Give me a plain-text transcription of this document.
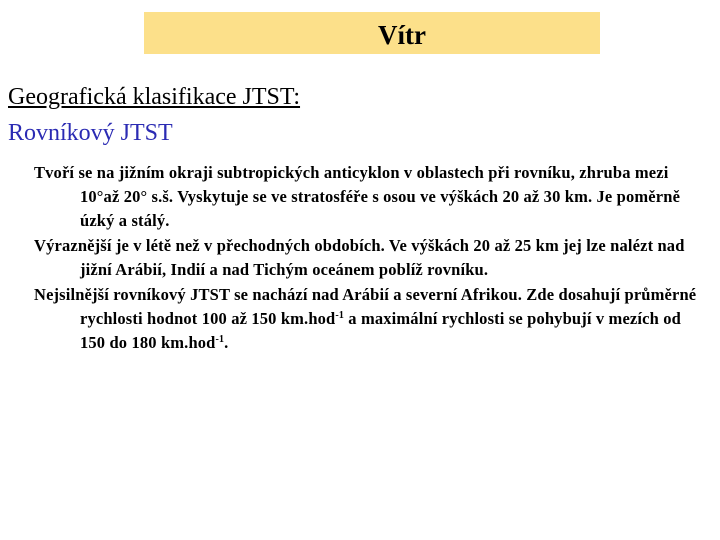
Vítr
Geografická klasifikace JTST:
Rovníkový JTST

Tvoří se na jižním okraji subtropických anticyklon v oblastech při rovníku, zhruba mezi 10°až 20° s.š. Vyskytuje se ve stratosféře s osou ve výškách 20 až 30 km. Je poměrně úzký a stálý.

Výraznější je v létě než v přechodných obdobích. Ve výškách 20 až 25 km jej lze nalézt nad jižní Arábií, Indií a nad Tichým oceánem poblíž rovníku.

Nejsilnější rovníkový JTST se nachází nad Arábií a severní Afrikou. Zde dosahují průměrné rychlosti hodnot 100 až 150 km.hod$^{-1}$ a maximální rychlosti se pohybují v mezích od 150 do 180 km.hod$^{-1}$.
